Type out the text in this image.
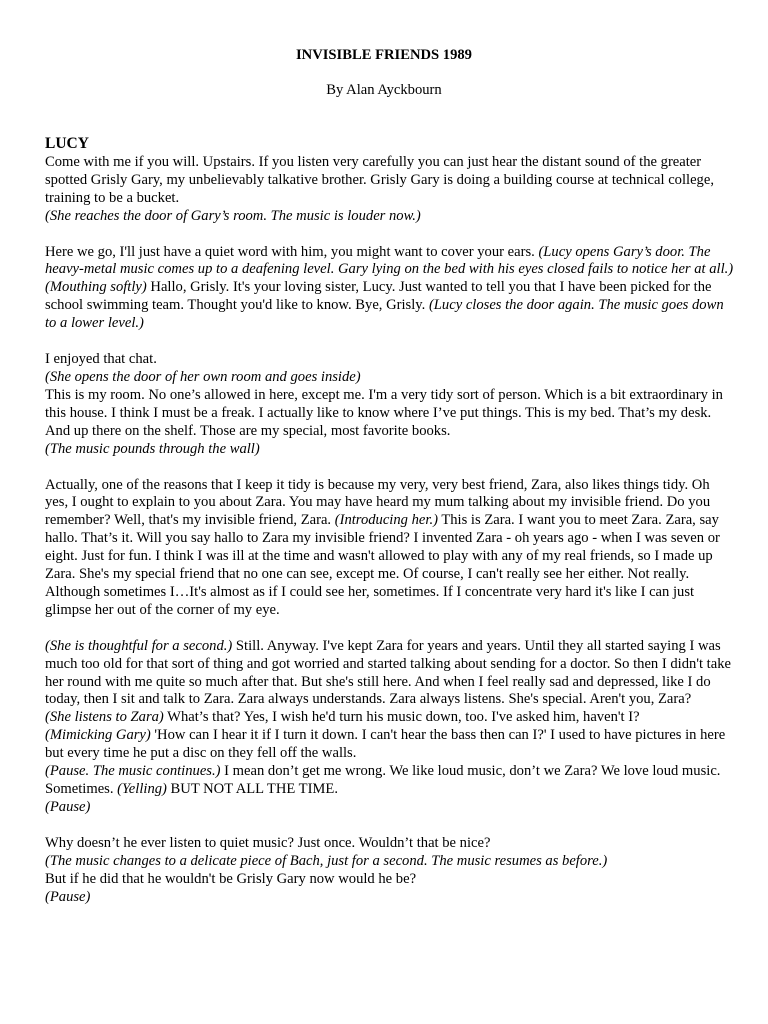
INVISIBLE FRIENDS 1989
By Alan Ayckbourn
LUCY
Come with me if you will. Upstairs. If you listen very carefully you can just hear the distant sound of the greater spotted Grisly Gary, my unbelievably talkative brother. Grisly Gary is doing a building course at technical college, training to be a bucket.
(She reaches the door of Gary’s room. The music is louder now.)
Here we go, I'll just have a quiet word with him, you might want to cover your ears. (Lucy opens Gary’s door. The heavy-metal music comes up to a deafening level. Gary lying on the bed with his eyes closed fails to notice her at all.)
(Mouthing softly) Hallo, Grisly. It's your loving sister, Lucy. Just wanted to tell you that I have been picked for the school swimming team. Thought you'd like to know. Bye, Grisly. (Lucy closes the door again. The music goes down to a lower level.)
I enjoyed that chat.
(She opens the door of her own room and goes inside)
This is my room. No one’s allowed in here, except me. I'm a very tidy sort of person. Which is a bit extraordinary in this house. I think I must be a freak. I actually like to know where I’ve put things. This is my bed. That’s my desk. And up there on the shelf. Those are my special, most favorite books.
(The music pounds through the wall)
Actually, one of the reasons that I keep it tidy is because my very, very best friend, Zara, also likes things tidy. Oh yes, I ought to explain to you about Zara. You may have heard my mum talking about my invisible friend. Do you remember? Well, that's my invisible friend, Zara. (Introducing her.) This is Zara. I want you to meet Zara. Zara, say hallo. That’s it. Will you say hallo to Zara my invisible friend? I invented Zara - oh years ago - when I was seven or eight. Just for fun. I think I was ill at the time and wasn't allowed to play with any of my real friends, so I made up Zara. She's my special friend that no one can see, except me. Of course, I can't really see her either. Not really. Although sometimes I…It's almost as if I could see her, sometimes. If I concentrate very hard it's like I can just glimpse her out of the corner of my eye.
(She is thoughtful for a second.) Still. Anyway. I've kept Zara for years and years. Until they all started saying I was much too old for that sort of thing and got worried and started talking about sending for a doctor. So then I didn't take her round with me quite so much after that. But she's still here. And when I feel really sad and depressed, like I do today, then I sit and talk to Zara. Zara always understands. Zara always listens. She's special. Aren't you, Zara?
(She listens to Zara) What’s that? Yes, I wish he'd turn his music down, too. I've asked him, haven't I?
(Mimicking Gary) 'How can I hear it if I turn it down. I can't hear the bass then can I?' I used to have pictures in here but every time he put a disc on they fell off the walls.
(Pause. The music continues.) I mean don’t get me wrong. We like loud music, don’t we Zara? We love loud music. Sometimes. (Yelling) BUT NOT ALL THE TIME.
(Pause)
Why doesn’t he ever listen to quiet music? Just once. Wouldn’t that be nice?
(The music changes to a delicate piece of Bach, just for a second. The music resumes as before.)
But if he did that he wouldn't be Grisly Gary now would he be?
(Pause)
